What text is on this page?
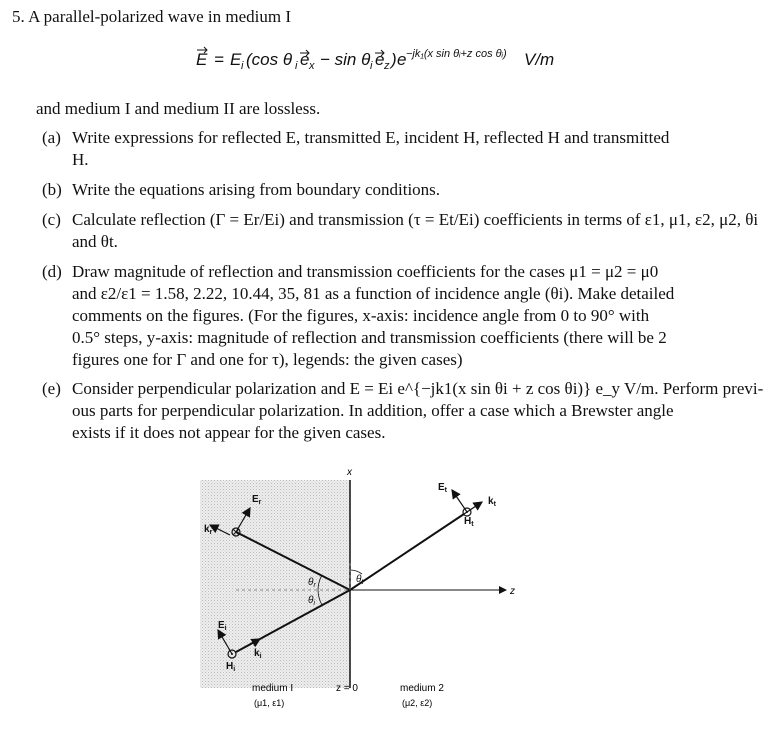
5. A parallel-polarized wave in medium I
E = E i (cos θ i e x − sin θ i e z ) e −jk₁(x sin θᵢ+z cos θᵢ) V/m
and medium I and medium II are lossless.
(a) Write expressions for reflected E, transmitted E, incident H, reflected H and transmitted
H.
(b) Write the equations arising from boundary conditions.
(c) Calculate reflection (Γ = Er/Ei) and transmission (τ = Et/Ei) coefficients in terms of ε1, μ1, ε2, μ2, θi
and θt.
(d) Draw magnitude of reflection and transmission coefficients for the cases μ1 = μ2 = μ0
and ε2/ε1 = 1.58, 2.22, 10.44, 35, 81 as a function of incidence angle (θi). Make detailed
comments on the figures. (For the figures, x-axis: incidence angle from 0 to 90° with
0.5° steps, y-axis: magnitude of reflection and transmission coefficients (there will be 2
figures one for Γ and one for τ), legends: the given cases)
(e) Consider perpendicular polarization and E = Ei e^{−jk1(x sin θi + z cos θi)} e_y V/m. Perform previ-
ous parts for perpendicular polarization. In addition, offer a case which a Brewster angle
exists if it does not appear for the given cases.
x
z
$E_i$
$H_i$
$k_i$
$E_r$
$k_r$
$E_t$
$H_t$
$k_t$
$\theta_r$
$\theta_i$
$\theta_t$
medium I
(μ1, ε1)
z = 0	medium 2
(μ2, ε2)
